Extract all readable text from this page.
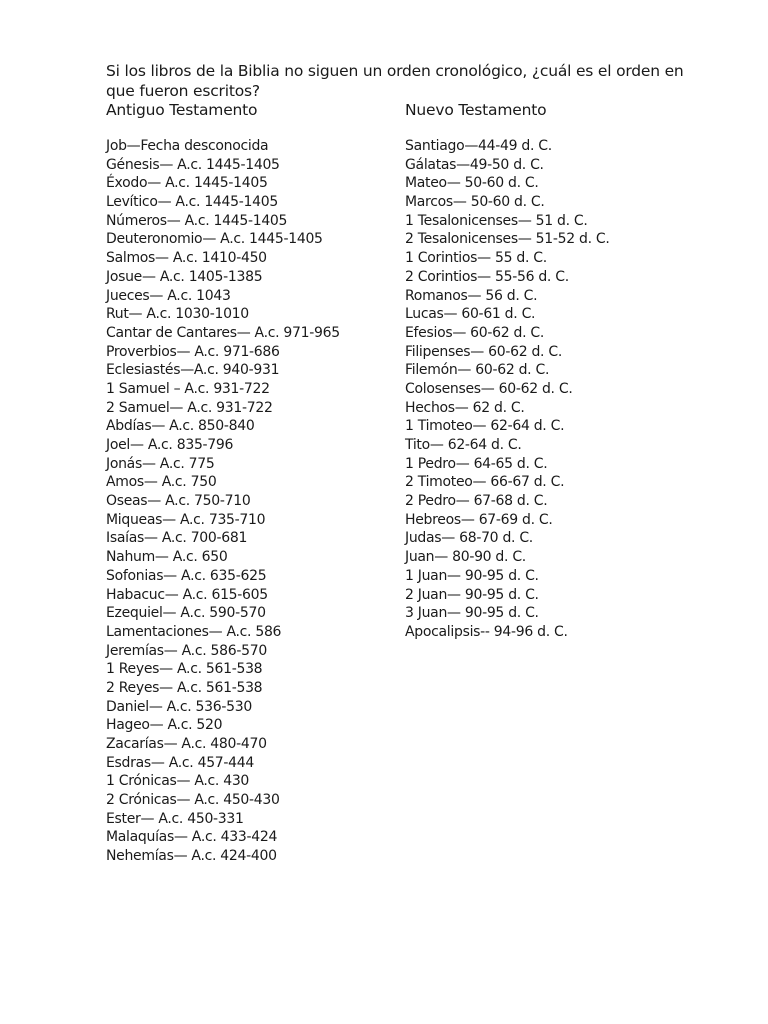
Si los libros de la Biblia no siguen un orden cronológico, ¿cuál es el orden en que fueron escritos?

Antiguo Testamento
Job—Fecha desconocida
Génesis— A.c. 1445-1405
Éxodo— A.c. 1445-1405
Levítico— A.c. 1445-1405
Números— A.c. 1445-1405
Deuteronomio— A.c. 1445-1405
Salmos— A.c. 1410-450
Josue— A.c. 1405-1385
Jueces— A.c. 1043
Rut— A.c. 1030-1010
Cantar de Cantares— A.c. 971-965
Proverbios— A.c. 971-686
Eclesiastés—A.c. 940-931
1 Samuel – A.c. 931-722
2 Samuel— A.c. 931-722
Abdías— A.c. 850-840
Joel— A.c. 835-796
Jonás— A.c. 775
Amos— A.c. 750
Oseas— A.c. 750-710
Miqueas— A.c. 735-710
Isaías— A.c. 700-681
Nahum— A.c. 650
Sofonias— A.c. 635-625
Habacuc— A.c. 615-605
Ezequiel— A.c. 590-570
Lamentaciones— A.c. 586
Jeremías— A.c. 586-570
1 Reyes— A.c. 561-538
2 Reyes— A.c. 561-538
Daniel— A.c. 536-530
Hageo— A.c. 520
Zacarías— A.c. 480-470
Esdras— A.c. 457-444
1 Crónicas— A.c. 430
2 Crónicas— A.c. 450-430
Ester— A.c. 450-331
Malaquías— A.c. 433-424
Nehemías— A.c. 424-400
Nuevo Testamento
Santiago—44-49 d. C.
Gálatas—49-50 d. C.
Mateo— 50-60 d. C.
Marcos— 50-60 d. C.
1 Tesalonicenses— 51 d. C.
2 Tesalonicenses— 51-52 d. C.
1 Corintios— 55 d. C.
2 Corintios— 55-56 d. C.
Romanos— 56 d. C.
Lucas— 60-61 d. C.
Efesios— 60-62 d. C.
Filipenses— 60-62 d. C.
Filemón— 60-62 d. C.
Colosenses— 60-62 d. C.
Hechos— 62 d. C.
1 Timoteo— 62-64 d. C.
Tito— 62-64 d. C.
1 Pedro— 64-65 d. C.
2 Timoteo— 66-67 d. C.
2 Pedro— 67-68 d. C.
Hebreos— 67-69 d. C.
Judas— 68-70 d. C.
Juan— 80-90 d. C.
1 Juan— 90-95 d. C.
2 Juan— 90-95 d. C.
3 Juan— 90-95 d. C.
Apocalipsis-- 94-96 d. C.
